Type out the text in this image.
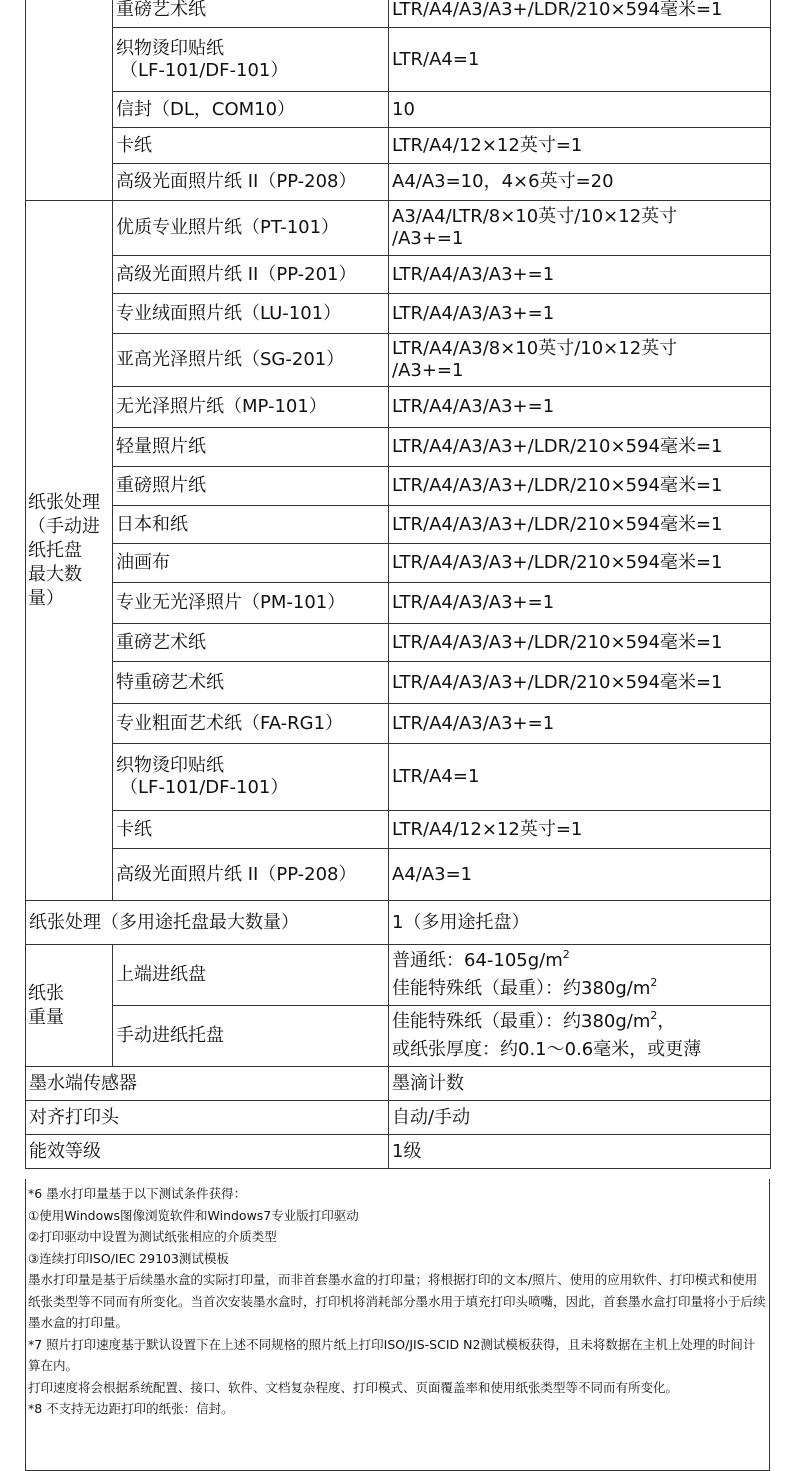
	重磅艺术纸	LTR/A4/A3/A3+/LDR/210×594毫米=1

	织物烫印贴纸
（LF-101/DF-101）	LTR/A4=1
	信封（DL，COM10）	10
	卡纸	LTR/A4/12×12英寸=1
	高级光面照片纸 II（PP-208）	A4/A3=10，4×6英寸=20

纸张处理
（手动进
纸托盘
最大数
量）	优质专业照片纸（PT-101）	A3/A4/LTR/8×10英寸/10×12英寸
/A3+=1

	高级光面照片纸 II（PP-201）	LTR/A4/A3/A3+=1
	专业绒面照片纸（LU-101）	LTR/A4/A3/A3+=1
	亚高光泽照片纸（SG-201）	LTR/A4/A3/8×10英寸/10×12英寸
/A3+=1

	无光泽照片纸（MP-101）	LTR/A4/A3/A3+=1
	轻量照片纸	LTR/A4/A3/A3+/LDR/210×594毫米=1
	重磅照片纸	LTR/A4/A3/A3+/LDR/210×594毫米=1
	日本和纸	LTR/A4/A3/A3+/LDR/210×594毫米=1
	油画布	LTR/A4/A3/A3+/LDR/210×594毫米=1
	专业无光泽照片（PM-101）	LTR/A4/A3/A3+=1
	重磅艺术纸	LTR/A4/A3/A3+/LDR/210×594毫米=1
	特重磅艺术纸	LTR/A4/A3/A3+/LDR/210×594毫米=1
	专业粗面艺术纸（FA-RG1）	LTR/A4/A3/A3+=1

	织物烫印贴纸
（LF-101/DF-101）	LTR/A4=1
	卡纸	LTR/A4/12×12英寸=1
	高级光面照片纸 II（PP-208）	A4/A3=1
纸张处理（多用途托盘最大数量）		1（多用途托盘）

纸张
重量	上端进纸盘	普通纸：$64-105g/m^2$
佳能特殊纸（最重）：约$380g/m^2$

	手动进纸托盘	佳能特殊纸（最重）：约$380g/m^2$，
或纸张厚度：约0.1～0.6毫米，或更薄

墨水端传感器		墨滴计数
对齐打印头		自动/手动
能效等级		1级

*6 墨水打印量基于以下测试条件获得：

①使用Windows图像浏览软件和Windows7专业版打印驱动

②打印驱动中设置为测试纸张相应的介质类型

③连续打印ISO/IEC 29103测试模板

墨水打印量是基于后续墨水盒的实际打印量，而非首套墨水盒的打印量；将根据打印的文本/照片、使用的应用软件、打印模式和使用纸张类型等不同而有所变化。当首次安装墨水盒时，打印机将消耗部分墨水用于填充打印头喷嘴，因此，首套墨水盒打印量将小于后续墨水盒的打印量。

*7 照片打印速度基于默认设置下在上述不同规格的照片纸上打印ISO/JIS-SCID N2测试模板获得，且未将数据在主机上处理的时间计算在内。

打印速度将会根据系统配置、接口、软件、文档复杂程度、打印模式、页面覆盖率和使用纸张类型等不同而有所变化。

*8 不支持无边距打印的纸张：信封。
